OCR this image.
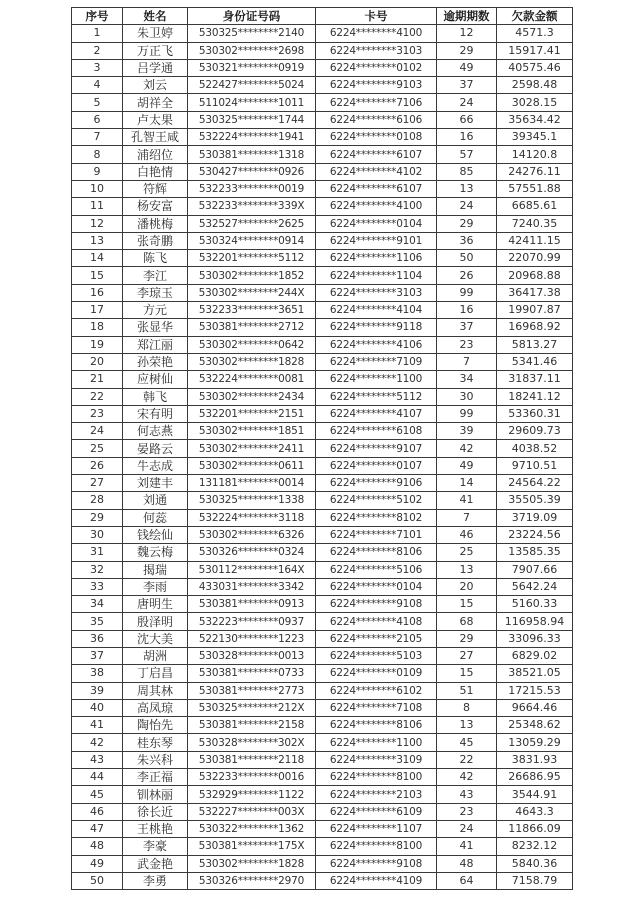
序号	姓名	身份证号码	卡号	逾期期数	欠款金额
1	朱卫婷	530325********2140	6224********4100	12	4571.3
2	万正飞	530302********2698	6224********3103	29	15917.41
3	吕学通	530321********0919	6224********0102	49	40575.46
4	刘云	522427********5024	6224********9103	37	2598.48
5	胡祥全	511024********1011	6224********7106	24	3028.15
6	卢太果	530325********1744	6224********6106	66	35634.42
7	孔智王咸	532224********1941	6224********0108	16	39345.1
8	浦绍位	530381********1318	6224********6107	57	14120.8
9	白艳情	530427********0926	6224********4102	85	24276.11
10	符辉	532233********0019	6224********6107	13	57551.88
11	杨安富	532233********339X	6224********4100	24	6685.61
12	潘桃梅	532527********2625	6224********0104	29	7240.35
13	张奇鹏	530324********0914	6224********9101	36	42411.15
14	陈飞	532201********5112	6224********1106	50	22070.99
15	李江	530302********1852	6224********1104	26	20968.88
16	李琼玉	530302********244X	6224********3103	99	36417.38
17	方元	532233********3651	6224********4104	16	19907.87
18	张显华	530381********2712	6224********9118	37	16968.92
19	郑江丽	530302********0642	6224********4106	23	5813.27
20	孙荣艳	530302********1828	6224********7109	7	5341.46
21	应树仙	532224********0081	6224********1100	34	31837.11
22	韩飞	530302********2434	6224********5112	30	18241.12
23	宋有明	532201********2151	6224********4107	99	53360.31
24	何志燕	530302********1851	6224********6108	39	29609.73
25	晏路云	530302********2411	6224********9107	42	4038.52
26	牛志成	530302********0611	6224********0107	49	9710.51
27	刘建丰	131181********0014	6224********9106	14	24564.22
28	刘通	530325********1338	6224********5102	41	35505.39
29	何蕊	532224********3118	6224********8102	7	3719.09
30	钱绘仙	530302********6326	6224********7101	46	23224.56
31	魏云梅	530326********0324	6224********8106	25	13585.35
32	揭瑞	530112********164X	6224********5106	13	7907.66
33	李雨	433031********3342	6224********0104	20	5642.24
34	唐明生	530381********0913	6224********9108	15	5160.33
35	殷泽明	532223********0937	6224********4108	68	116958.94
36	沈大美	522130********1223	6224********2105	29	33096.33
37	胡洲	530328********0013	6224********5103	27	6829.02
38	丁启昌	530381********0733	6224********0109	15	38521.05
39	周其林	530381********2773	6224********6102	51	17215.53
40	高凤琼	530325********212X	6224********7108	8	9664.46
41	陶怡先	530381********2158	6224********8106	13	25348.62
42	桂东琴	530328********302X	6224********1100	45	13059.29
43	朱兴科	530381********2118	6224********3109	22	3831.93
44	李正福	532233********0016	6224********8100	42	26686.95
45	钏林丽	532929********1122	6224********2103	43	3544.91
46	徐长近	532227********003X	6224********6109	23	4643.3
47	王桃艳	530322********1362	6224********1107	24	11866.09
48	李豪	530381********175X	6224********8100	41	8232.12
49	武金艳	530302********1828	6224********9108	48	5840.36
50	李勇	530326********2970	6224********4109	64	7158.79
